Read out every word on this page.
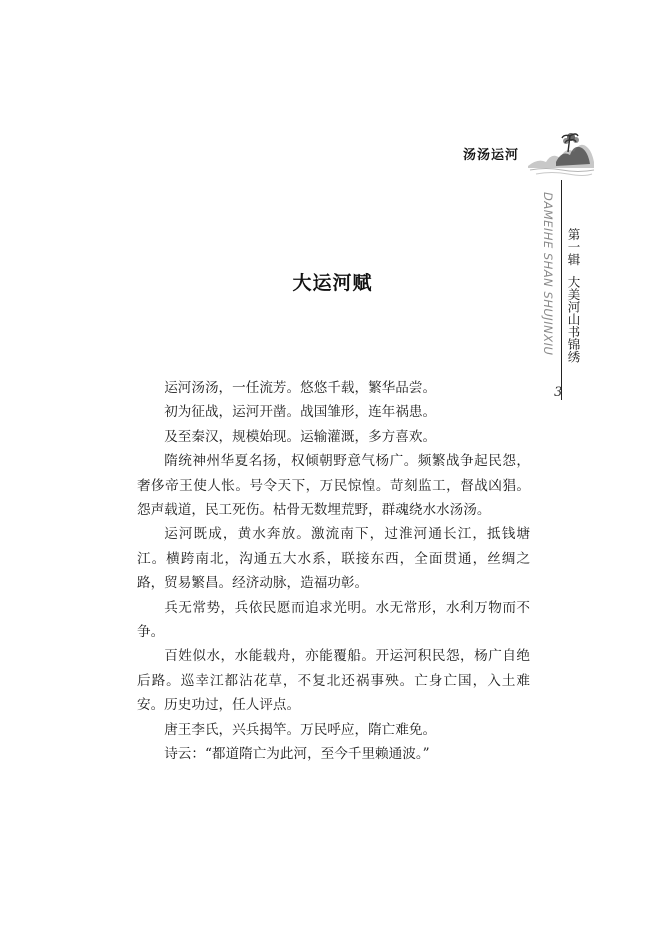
汤汤运河
DAMEIHE SHAN SHUJINXIU 第一辑大美河山书锦绣
3
大运河赋

运河汤汤，一任流芳。悠悠千载，繁华品尝。

初为征战，运河开凿。战国雏形，连年祸患。

及至秦汉，规模始现。运输灌溉，多方喜欢。

隋统神州华夏名扬，权倾朝野意气杨广。频繁战争起民怨，奢侈帝王使人怅。号令天下，万民惊惶。苛刻监工，督战凶猖。怨声载道，民工死伤。枯骨无数埋荒野，群魂绕水水汤汤。

运河既成，黄水奔放。激流南下，过淮河通长江，抵钱塘江。横跨南北，沟通五大水系，联接东西，全面贯通，丝绸之路，贸易繁昌。经济动脉，造福功彰。

兵无常势，兵依民愿而追求光明。水无常形，水利万物而不争。

百姓似水，水能载舟，亦能覆船。开运河积民怨，杨广自绝后路。巡幸江都沾花草，不复北还祸事殃。亡身亡国，入土难安。历史功过，任人评点。

唐王李氏，兴兵揭竿。万民呼应，隋亡难免。

诗云：“都道隋亡为此河，至今千里赖通波。”
